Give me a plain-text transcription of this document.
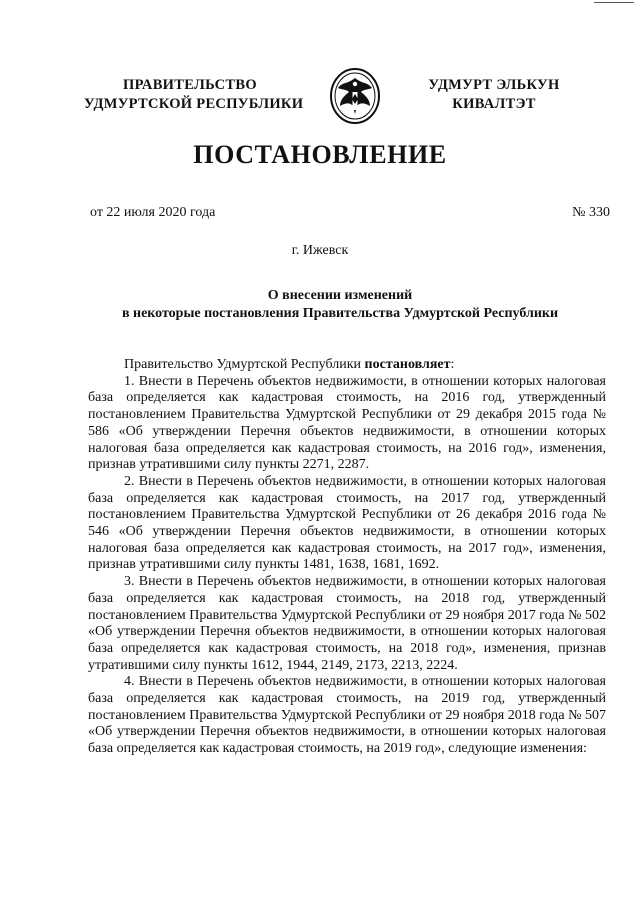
ПРАВИТЕЛЬСТВО
УДМУРТСКОЙ РЕСПУБЛИКИ
УДМУРТ ЭЛЬКУН
КИВАЛТЭТ
ПОСТАНОВЛЕНИЕ
от 22 июля 2020 года	№ 330
г. Ижевск
О внесении изменений
в некоторые постановления Правительства Удмуртской Республики

Правительство Удмуртской Республики постановляет:

1. Внести в Перечень объектов недвижимости, в отношении которых налоговая база определяется как кадастровая стоимость, на 2016 год, утвержденный постановлением Правительства Удмуртской Республики от 29 декабря 2015 года № 586 «Об утверждении Перечня объектов недвижимости, в отношении которых налоговая база определяется как кадастровая стоимость, на 2016 год», изменения, признав утратившими силу пункты 2271, 2287.

2. Внести в Перечень объектов недвижимости, в отношении которых налоговая база определяется как кадастровая стоимость, на 2017 год, утвержденный постановлением Правительства Удмуртской Республики от 26 декабря 2016 года № 546 «Об утверждении Перечня объектов недвижимости, в отношении которых налоговая база определяется как кадастровая стоимость, на 2017 год», изменения, признав утратившими силу пункты 1481, 1638, 1681, 1692.

3. Внести в Перечень объектов недвижимости, в отношении которых налоговая база определяется как кадастровая стоимость, на 2018 год, утвержденный постановлением Правительства Удмуртской Республики от 29 ноября 2017 года № 502 «Об утверждении Перечня объектов недвижимости, в отношении которых налоговая база определяется как кадастровая стоимость, на 2018 год», изменения, признав утратившими силу пункты 1612, 1944, 2149, 2173, 2213, 2224.

4. Внести в Перечень объектов недвижимости, в отношении которых налоговая база определяется как кадастровая стоимость, на 2019 год, утвержденный постановлением Правительства Удмуртской Республики от 29 ноября 2018 года № 507 «Об утверждении Перечня объектов недвижимости, в отношении которых налоговая база определяется как кадастровая стоимость, на 2019 год», следующие изменения:
